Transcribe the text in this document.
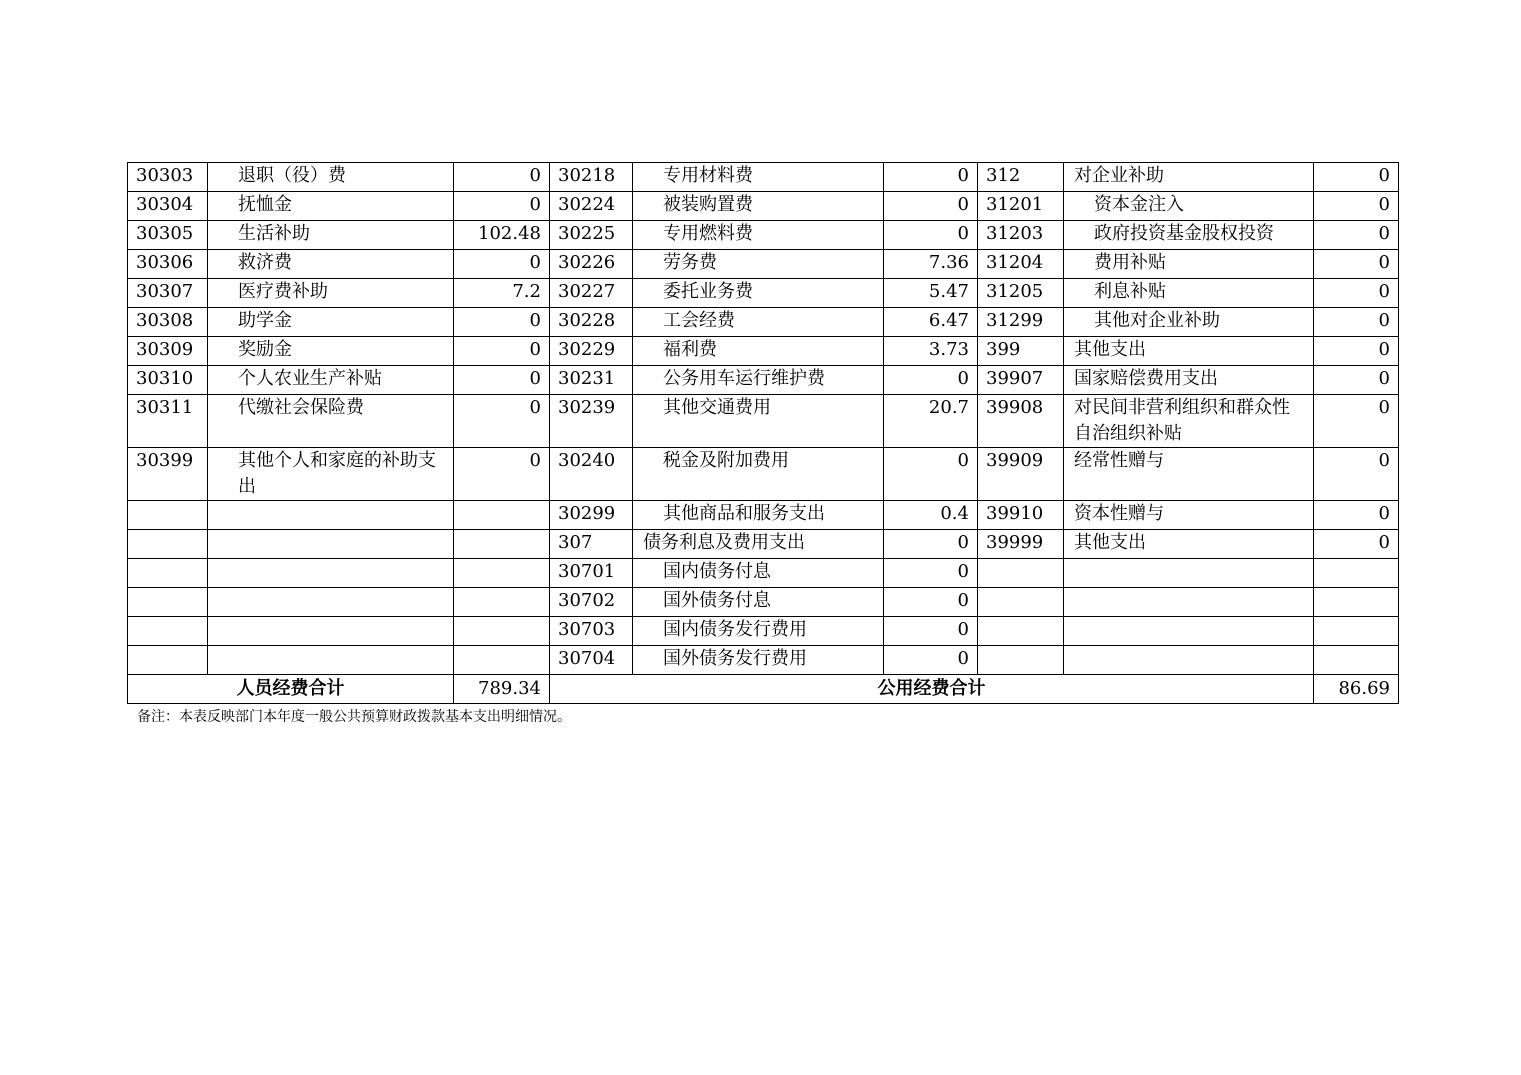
30303	退职（役）费	0	30218	专用材料费	0	312	对企业补助	0
30304	抚恤金	0	30224	被装购置费	0	31201	资本金注入	0
30305	生活补助	102.48	30225	专用燃料费	0	31203	政府投资基金股权投资	0
30306	救济费	0	30226	劳务费	7.36	31204	费用补贴	0
30307	医疗费补助	7.2	30227	委托业务费	5.47	31205	利息补贴	0
30308	助学金	0	30228	工会经费	6.47	31299	其他对企业补助	0
30309	奖励金	0	30229	福利费	3.73	399	其他支出	0
30310	个人农业生产补贴	0	30231	公务用车运行维护费	0	39907	国家赔偿费用支出	0
30311	代缴社会保险费	0	30239	其他交通费用	20.7	39908	对民间非营利组织和群众性自治组织补贴	0
30399	其他个人和家庭的补助支出	0	30240	税金及附加费用	0	39909	经常性赠与	0
			30299	其他商品和服务支出	0.4	39910	资本性赠与	0
			307	债务利息及费用支出	0	39999	其他支出	0
			30701	国内债务付息	0			
			30702	国外债务付息	0			
			30703	国内债务发行费用	0			
			30704	国外债务发行费用	0			
人员经费合计		789.34	公用经费合计					86.69
备注：本表反映部门本年度一般公共预算财政拨款基本支出明细情况。
